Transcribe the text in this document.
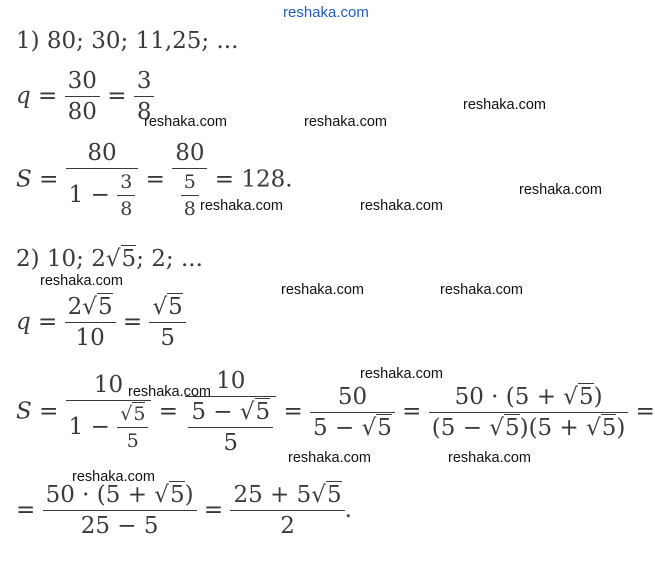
reshaka.com
reshaka.com
reshaka.com	reshaka.com
reshaka.com
reshaka.com	reshaka.com
reshaka.com
reshaka.com	reshaka.com
reshaka.com
reshaka.com
reshaka.com	reshaka.com
reshaka.com
1) 80; 30; 11,25; ...
$q = \frac{30}{80} = \frac{3}{8}$
$S = \frac{80}{1 - \frac{3}{8}} = \frac{80}{\frac{5}{8}} = 128$.
2) 10; 2√5; 2; ...
$q = \frac{2√5}{10} = \frac{√5}{5}$
$S = \frac{10}{1 - \frac{√5}{5}} = \frac{10}{\frac{5 - √5}{5}} = \frac{50}{5 - √5} = \frac{50 \cdot (5 + √5)}{(5 - √5)(5 + √5)}$ =
= $\frac{50 \cdot (5 + √5)}{25 - 5} = \frac{25 + 5√5}{2}$ .
